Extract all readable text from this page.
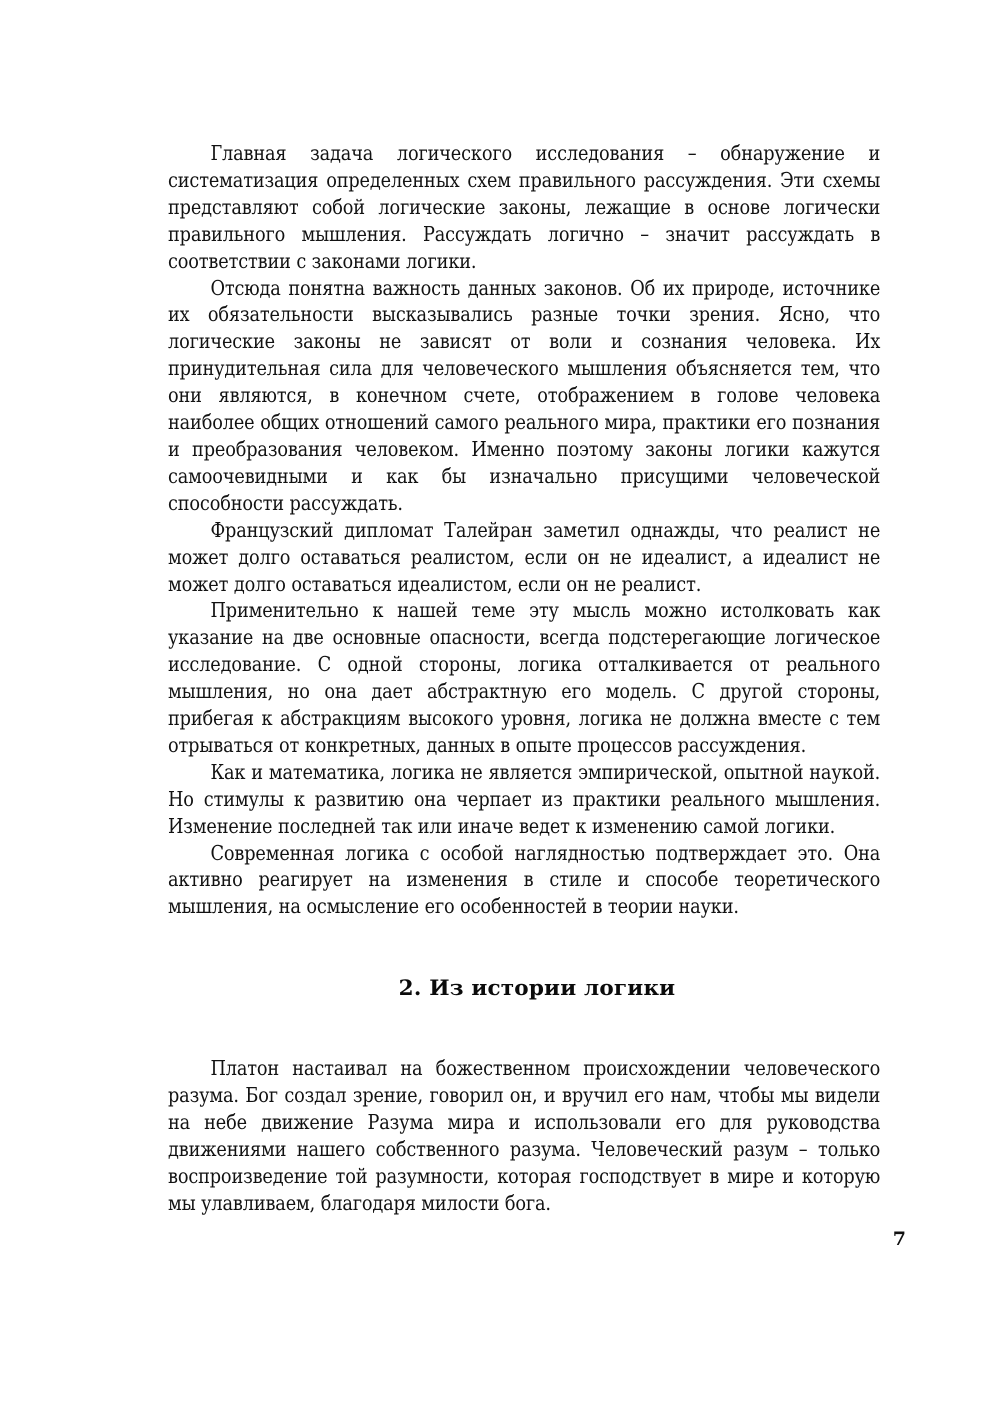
Главная задача логического исследования – обнаружение и систематизация определенных схем правильного рассуждения. Эти схемы представляют собой логические законы, лежащие в основе логически правильного мышления. Рассуждать логично – значит рассуждать в соответствии с законами логики.

Отсюда понятна важность данных законов. Об их природе, источнике их обязательности высказывались разные точки зрения. Ясно, что логические законы не зависят от воли и сознания человека. Их принудительная сила для человеческого мышления объясняется тем, что они являются, в конечном счете, отображением в голове человека наиболее общих отношений самого реального мира, практики его познания и преобразования человеком. Именно поэтому законы логики кажутся самоочевидными и как бы изначально присущими человеческой способности рассуждать.

Французский дипломат Талейран заметил однажды, что реалист не может долго оставаться реалистом, если он не идеалист, а идеалист не может долго оставаться идеалистом, если он не реалист.

Применительно к нашей теме эту мысль можно истолковать как указание на две основные опасности, всегда подстерегающие логическое исследование. С одной стороны, логика отталкивается от реального мышления, но она дает абстрактную его модель. С другой стороны, прибегая к абстракциям высокого уровня, логика не должна вместе с тем отрываться от конкретных, данных в опыте процессов рассуждения.

Как и математика, логика не является эмпирической, опытной наукой. Но стимулы к развитию она черпает из практики реального мышления. Изменение последней так или иначе ведет к изменению самой логики.

Современная логика с особой наглядностью подтверждает это. Она активно реагирует на изменения в стиле и способе теоретического мышления, на осмысление его особенностей в теории науки.

2. Из истории логики

Платон настаивал на божественном происхождении человеческого разума. Бог создал зрение, говорил он, и вручил его нам, чтобы мы видели на небе движение Разума мира и использовали его для руководства движениями нашего собственного разума. Человеческий разум – только воспроизведение той разумности, которая господствует в мире и которую мы улавливаем, благодаря милости бога.

7
